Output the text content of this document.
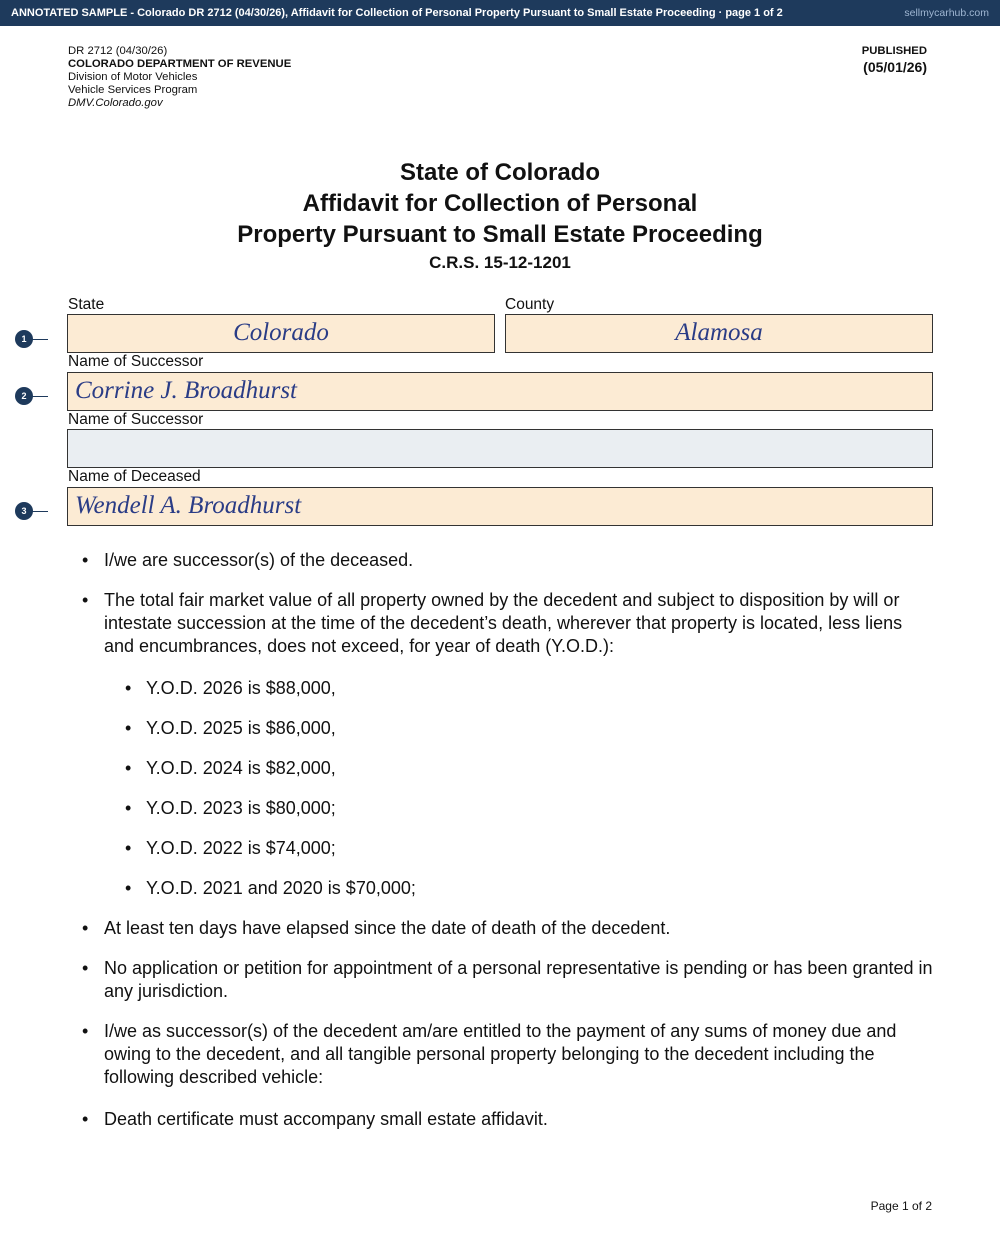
ANNOTATED SAMPLE - Colorado DR 2712 (04/30/26), Affidavit for Collection of Personal Property Pursuant to Small Estate Proceeding · page 1 of 2	sellmycarhub.com
DR 2712 (04/30/26)
COLORADO DEPARTMENT OF REVENUE
Division of Motor Vehicles
Vehicle Services Program
DMV.Colorado.gov
PUBLISHED
(05/01/26)
State of Colorado
Affidavit for Collection of Personal
Property Pursuant to Small Estate Proceeding
C.R.S. 15-12-1201
State	County
Colorado	Alamosa
Name of Successor
Corrine J. Broadhurst
Name of Successor
Name of Deceased
Wendell A. Broadhurst
1
2
3
• I/we are successor(s) of the deceased.
• The total fair market value of all property owned by the decedent and subject to disposition by will or intestate succession at the time of the decedent’s death, wherever that property is located, less liens and encumbrances, does not exceed, for year of death (Y.O.D.):
• Y.O.D. 2026 is $88,000,
• Y.O.D. 2025 is $86,000,
• Y.O.D. 2024 is $82,000,
• Y.O.D. 2023 is $80,000;
• Y.O.D. 2022 is $74,000;
• Y.O.D. 2021 and 2020 is $70,000;
• At least ten days have elapsed since the date of death of the decedent.
• No application or petition for appointment of a personal representative is pending or has been granted in any jurisdiction.
• I/we as successor(s) of the decedent am/are entitled to the payment of any sums of money due and owing to the decedent, and all tangible personal property belonging to the decedent including the following described vehicle:
• Death certificate must accompany small estate affidavit.
Page 1 of 2
